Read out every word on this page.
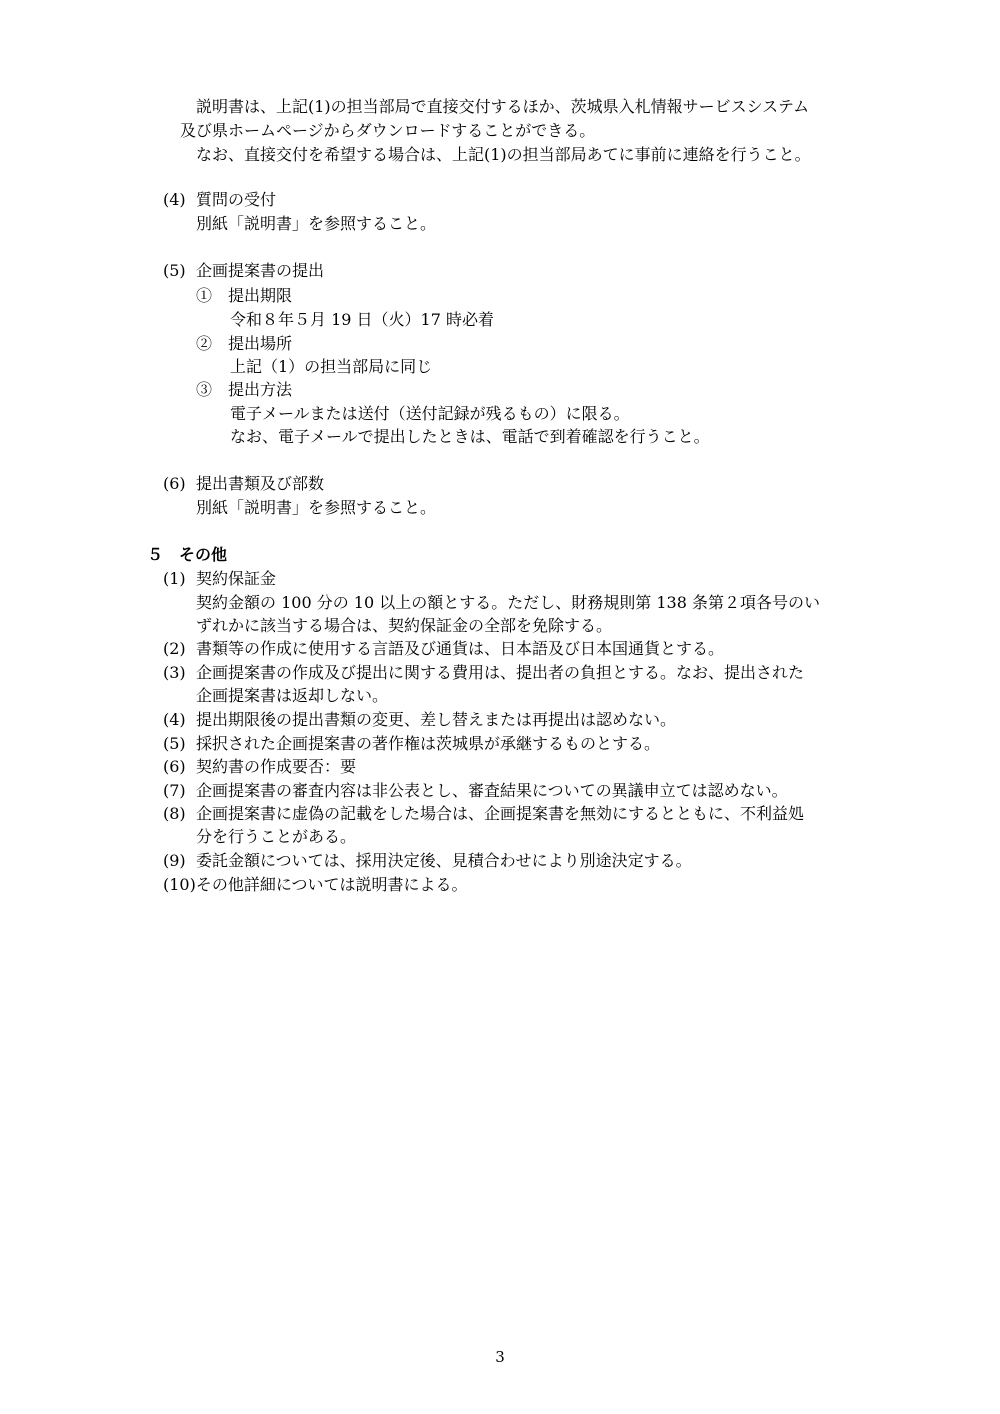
説明書は、上記(1)の担当部局で直接交付するほか、茨城県入札情報サービスシステム
及び県ホームページからダウンロードすることができる。
なお、直接交付を希望する場合は、上記(1)の担当部局あてに事前に連絡を行うこと。
(4) 質問の受付
別紙「説明書」を参照すること。
(5) 企画提案書の提出
①　提出期限
令和８年５月 19 日（火）17 時必着
②　提出場所
上記（1）の担当部局に同じ
③　提出方法
電子メールまたは送付（送付記録が残るもの）に限る。
なお、電子メールで提出したときは、電話で到着確認を行うこと。
(6) 提出書類及び部数
別紙「説明書」を参照すること。
５　その他
(1) 契約保証金
契約金額の 100 分の 10 以上の額とする。ただし、財務規則第 138 条第２項各号のい
ずれかに該当する場合は、契約保証金の全部を免除する。
(2) 書類等の作成に使用する言語及び通貨は、日本語及び日本国通貨とする。
(3) 企画提案書の作成及び提出に関する費用は、提出者の負担とする。なお、提出された
企画提案書は返却しない。
(4) 提出期限後の提出書類の変更、差し替えまたは再提出は認めない。
(5) 採択された企画提案書の著作権は茨城県が承継するものとする。
(6) 契約書の作成要否：要
(7) 企画提案書の審査内容は非公表とし、審査結果についての異議申立ては認めない。
(8) 企画提案書に虚偽の記載をした場合は、企画提案書を無効にするとともに、不利益処
分を行うことがある。
(9) 委託金額については、採用決定後、見積合わせにより別途決定する。
(10)その他詳細については説明書による。
3
